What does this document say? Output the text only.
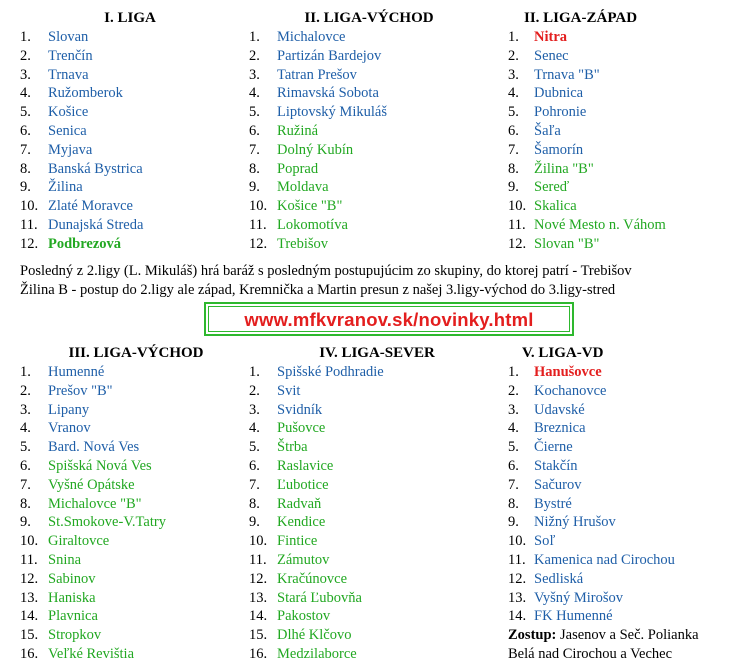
I. LIGA
1. Slovan
2. Trenčín
3. Trnava
4. Ružomberok
5. Košice
6. Senica
7. Myjava
8. Banská Bystrica
9. Žilina
10. Zlaté Moravce
11. Dunajská Streda
12. Podbrezová
II. LIGA-VÝCHOD
1. Michalovce
2. Partizán Bardejov
3. Tatran Prešov
4. Rimavská Sobota
5. Liptovský Mikuláš
6. Ružiná
7. Dolný Kubín
8. Poprad
9. Moldava
10. Košice "B"
11. Lokomotíva
12. Trebišov
II. LIGA-ZÁPAD
1. Nitra
2. Senec
3. Trnava "B"
4. Dubnica
5. Pohronie
6. Šaľa
7. Šamorín
8. Žilina "B"
9. Sereď
10. Skalica
11. Nové Mesto n. Váhom
12. Slovan "B"
Posledný z 2.ligy (L. Mikuláš) hrá baráž s posledným postupujúcim zo skupiny, do ktorej patrí - Trebišov
Žilina B - postup do 2.ligy ale západ, Kremnička a Martin presun z našej 3.ligy-východ do 3.ligy-stred
www.mfkvranov.sk/novinky.html
III. LIGA-VÝCHOD
1. Humenné
2. Prešov "B"
3. Lipany
4. Vranov
5. Bard. Nová Ves
6. Spišská Nová Ves
7. Vyšné Opátske
8. Michalovce "B"
9. St.Smokove-V.Tatry
10. Giraltovce
11. Snina
12. Sabinov
13. Haniska
14. Plavnica
15. Stropkov
16. Veľké Revištia
IV. LIGA-SEVER
1. Spišské Podhradie
2. Svit
3. Svidník
4. Pušovce
5. Štrba
6. Raslavice
7. Ľubotice
8. Radvaň
9. Kendice
10. Fintice
11. Zámutov
12. Kračúnovce
13. Stará Ľubovňa
14. Pakostov
15. Dlhé Klčovo
16. Medzilaborce
V. LIGA-VD
1. Hanušovce
2. Kochanovce
3. Udavské
4. Breznica
5. Čierne
6. Stakčín
7. Sačurov
8. Bystré
9. Nižný Hrušov
10. Soľ
11. Kamenica nad Cirochou
12. Sedliská
13. Vyšný Mirošov
14. FK Humenné
Zostup: Jasenov a Seč. Polianka
Belá nad Cirochou a Vechec
